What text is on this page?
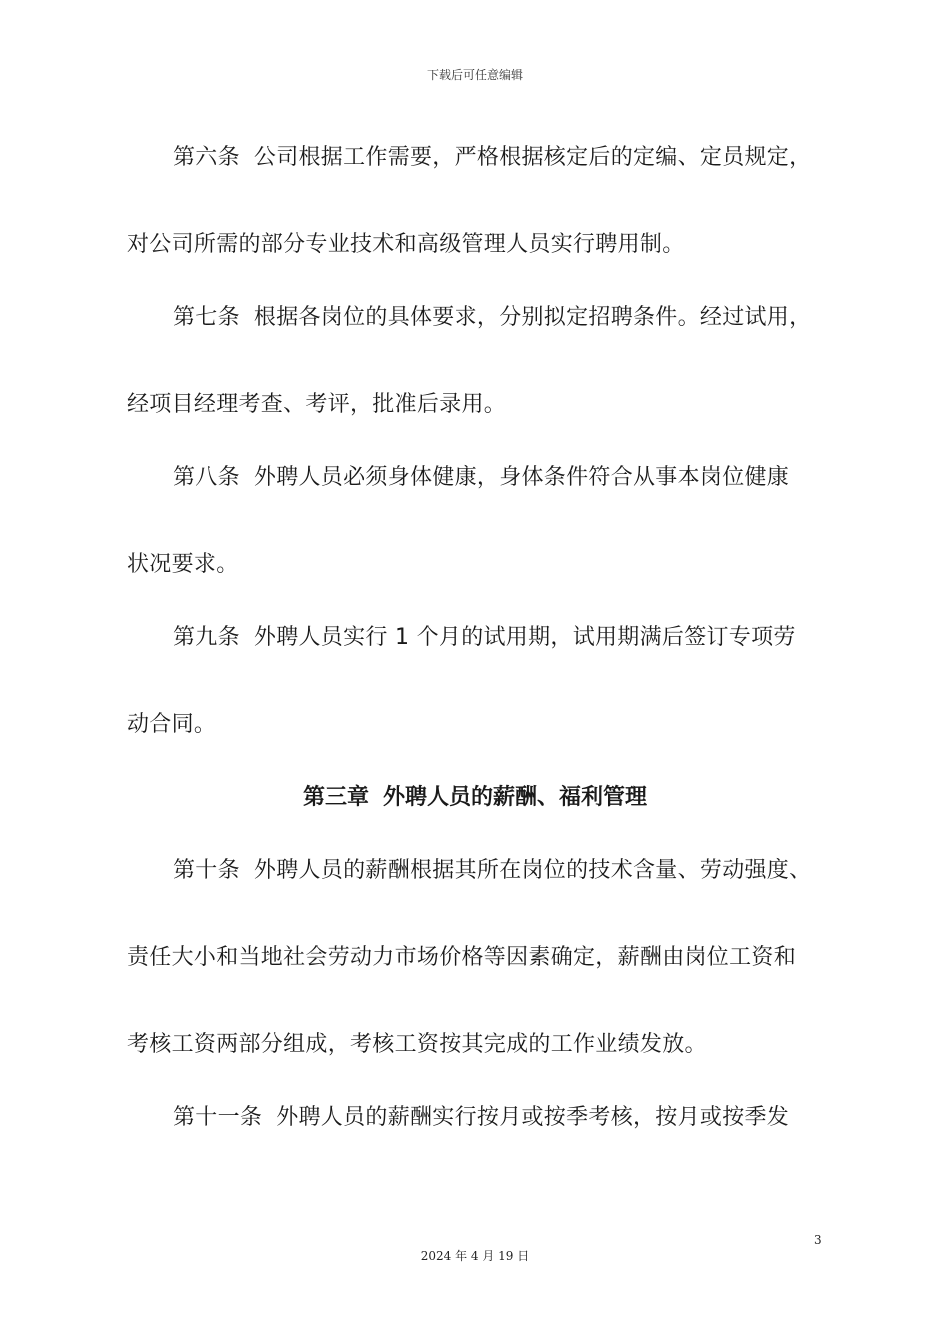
下载后可任意编辑
第六条 公司根据工作需要，严格根据核定后的定编、定员规定，
对公司所需的部分专业技术和高级管理人员实行聘用制。
第七条 根据各岗位的具体要求，分别拟定招聘条件。经过试用，
经项目经理考查、考评，批准后录用。
第八条 外聘人员必须身体健康，身体条件符合从事本岗位健康
状况要求。
第九条 外聘人员实行 1 个月的试用期，试用期满后签订专项劳
动合同。
第三章 外聘人员的薪酬、福利管理
第十条 外聘人员的薪酬根据其所在岗位的技术含量、劳动强度、
责任大小和当地社会劳动力市场价格等因素确定，薪酬由岗位工资和
考核工资两部分组成，考核工资按其完成的工作业绩发放。
第十一条 外聘人员的薪酬实行按月或按季考核，按月或按季发
3
2024 年 4 月 19 日
